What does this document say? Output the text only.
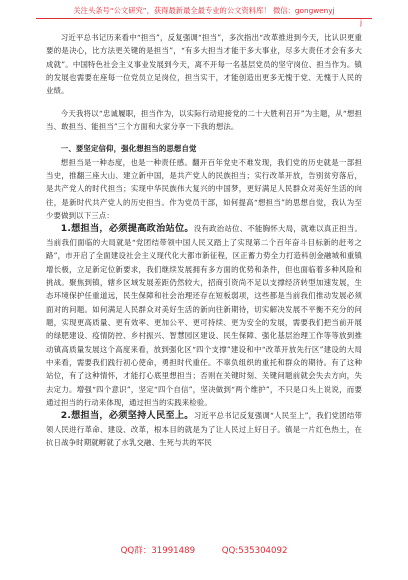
关注头条号“公文研究”，获得最新最全最专业的公文资料库！ 微信：gongwenyj
j

习近平总书记历来看中“担当”，反复强调“担当”，多次指出“改革推进到今天，比认识更重要的是决心，比方法更关键的是担当”，“有多大担当才能干多大事业，尽多大责任才会有多大成就”。中国特色社会主义事业发展到今天，离不开每一名基层党员的坚守岗位、担当作为。镇的发展也需要在座每一位党员立足岗位，担当实干，才能创造出更多无愧于党、无愧于人民的业绩。

今天我将以“忠诚履职，担当作为，以实际行动迎接党的二十大胜利召开”为主题，从“想担当、敢担当、能担当”三个方面和大家分享一下我的想法。

一、要坚定信仰，强化想担当的思想自觉

想担当是一种态度，也是一种责任感。翻开百年党史不难发现，我们党的历史就是一部担当史，推翻三座大山、建立新中国，是共产党人的民族担当；实行改革开放，告别贫穷落后，是共产党人的时代担当；实现中华民族伟大复兴的中国梦，更好满足人民群众对美好生活的向往，是新时代共产党人的历史担当。作为党员干部，如何提高“想担当”的思想自觉，我认为至少要做到以下三点：

1.想担当，必须提高政治站位。没有政治站位、不能胸怀大局，就难以真正担当。当前我们面临的大局就是“党团结带领中国人民又踏上了实现第二个百年奋斗目标新的赶考之路”，市开启了全面建设社会主义现代化大都市新征程，区正蓄力势全力打造科创金融城和重镇增长极，立足新定位新要求，我们继续发展拥有多方面的优势和条件，但也面临着多种风险和挑战。聚焦到镇，辖乡区域发展差距仍然较大，招商引资尚不足以支撑经济转型加速发展，生态环境保护任重道远，民生保障和社会治理还存在短板弱项，这些都是当前我们推动发展必须面对的问题。如何满足人民群众对美好生活的新向往新期待，切实解决发展不平衡不充分的问题，实现更高质量、更有效率、更加公平、更可持续、更为安全的发展，需要我们把当前开展的绿肥建设、疫情防控、乡村振兴、智慧园区建设、民生保障、强化基层治理工作等等放到推动镇高质量发展这个高度来看，放到强化区“四个支撑”建设和中“改革开放先行区”建设的大局中来看，需要我们践行初心使命，勇担时代重任。不辜负组织的重托和群众的期待。有了这种站位，有了这种情怀，才能打心底里想担当；否则在关键时刻、关键问题前就会失去方向，失去定力。增强“四个意识”，坚定“四个自信”，坚决做到“两个维护”，不只是口头上说说，而要通过担当的行动来体现，通过担当的实践来检验。

2.想担当，必须坚持人民至上。习近平总书记反复强调“人民至上”，我们党团结带领人民进行革命、建设、改革，根本目的就是为了让人民过上好日子。镇是一片红色热土，在抗日战争时期就孵就了水乳交融、生死与共的军民

QQ群：31991489	QQ:535304092
